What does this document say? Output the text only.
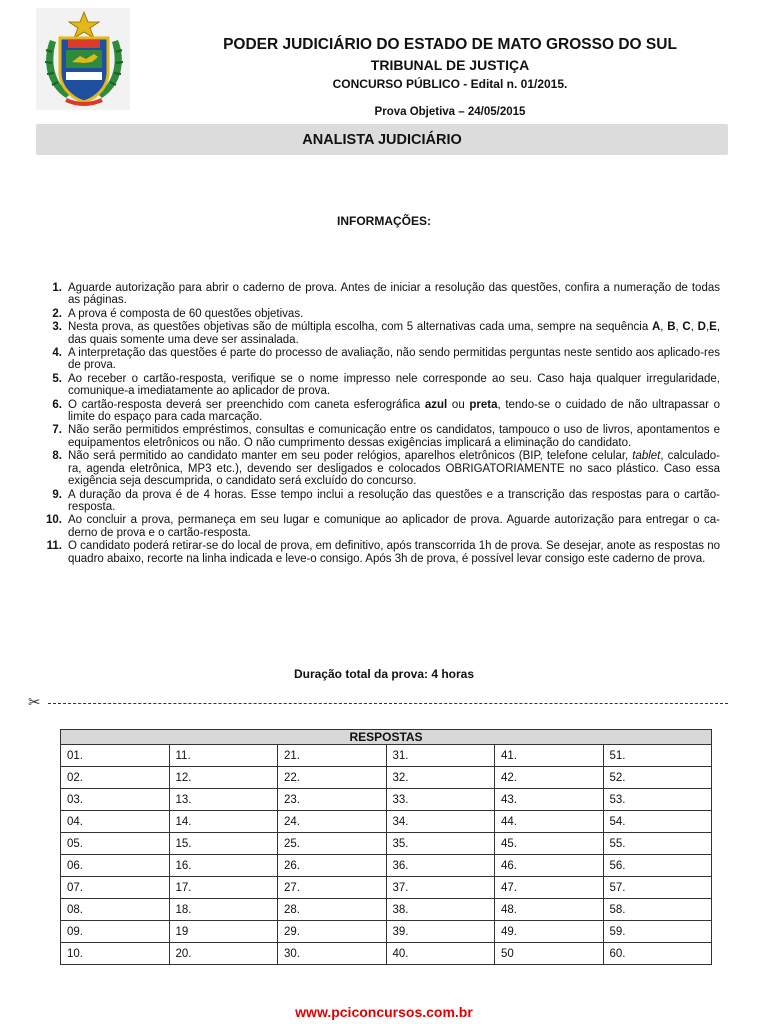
PODER JUDICIÁRIO DO ESTADO DE MATO GROSSO DO SUL
TRIBUNAL DE JUSTIÇA
CONCURSO PÚBLICO - Edital n. 01/2015.
Prova Objetiva – 24/05/2015
ANALISTA JUDICIÁRIO
INFORMAÇÕES:
1. Aguarde autorização para abrir o caderno de prova. Antes de iniciar a resolução das questões, confira a numeração de todas as páginas.
2. A prova é composta de 60 questões objetivas.
3. Nesta prova, as questões objetivas são de múltipla escolha, com 5 alternativas cada uma, sempre na sequência A, B, C, D,E, das quais somente uma deve ser assinalada.
4. A interpretação das questões é parte do processo de avaliação, não sendo permitidas perguntas neste sentido aos aplicado-res de prova.
5. Ao receber o cartão-resposta, verifique se o nome impresso nele corresponde ao seu. Caso haja qualquer irregularidade, comunique-a imediatamente ao aplicador de prova.
6. O cartão-resposta deverá ser preenchido com caneta esferográfica azul ou preta, tendo-se o cuidado de não ultrapassar o limite do espaço para cada marcação.
7. Não serão permitidos empréstimos, consultas e comunicação entre os candidatos, tampouco o uso de livros, apontamentos e equipamentos eletrônicos ou não. O não cumprimento dessas exigências implicará a eliminação do candidato.
8. Não será permitido ao candidato manter em seu poder relógios, aparelhos eletrônicos (BIP, telefone celular, tablet, calculado-ra, agenda eletrônica, MP3 etc.), devendo ser desligados e colocados OBRIGATORIAMENTE no saco plástico. Caso essa exigência seja descumprida, o candidato será excluído do concurso.
9. A duração da prova é de 4 horas. Esse tempo inclui a resolução das questões e a transcrição das respostas para o cartão-resposta.
10. Ao concluir a prova, permaneça em seu lugar e comunique ao aplicador de prova. Aguarde autorização para entregar o ca-derno de prova e o cartão-resposta.
11. O candidato poderá retirar-se do local de prova, em definitivo, após transcorrida 1h de prova. Se desejar, anote as respostas no quadro abaixo, recorte na linha indicada e leve-o consigo. Após 3h de prova, é possível levar consigo este caderno de prova.
Duração total da prova: 4 horas
✂
RESPOSTAS					
01.	11.	21.	31.	41.	51.
02.	12.	22.	32.	42.	52.
03.	13.	23.	33.	43.	53.
04.	14.	24.	34.	44.	54.
05.	15.	25.	35.	45.	55.
06.	16.	26.	36.	46.	56.
07.	17.	27.	37.	47.	57.
08.	18.	28.	38.	48.	58.
09.	19	29.	39.	49.	59.
10.	20.	30.	40.	50	60.
www.pciconcursos.com.br
